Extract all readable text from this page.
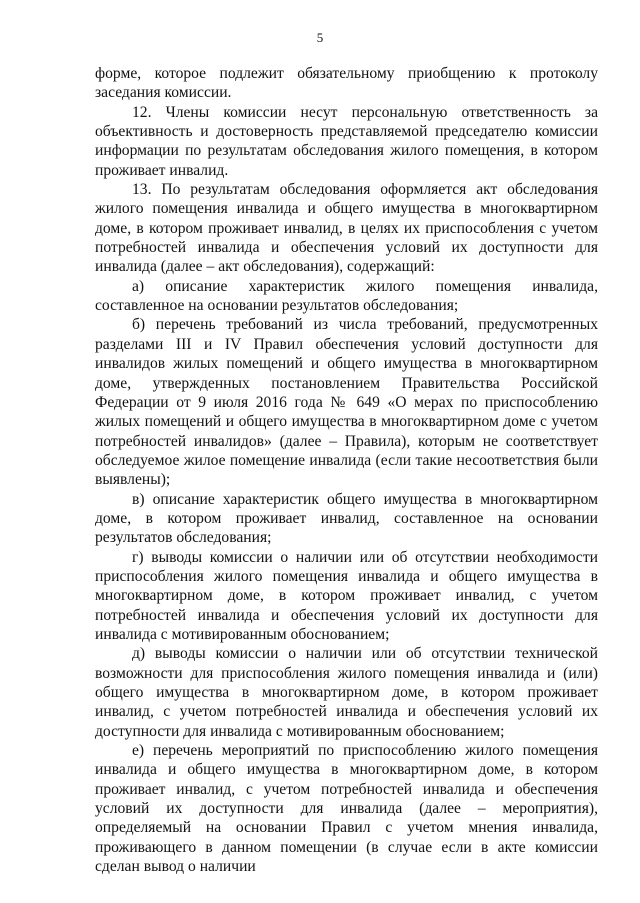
5

форме, которое подлежит обязательному приобщению к протоколу заседания комиссии.

12. Члены комиссии несут персональную ответственность за объективность и достоверность представляемой председателю комиссии информации по результатам обследования жилого помещения, в котором проживает инвалид.

13. По результатам обследования оформляется акт обследования жилого помещения инвалида и общего имущества в многоквартирном доме, в котором проживает инвалид, в целях их приспособления с учетом потребностей инвалида и обеспечения условий их доступности для инвалида (далее – акт обследования), содержащий:

а) описание характеристик жилого помещения инвалида, составленное на основании результатов обследования;

б) перечень требований из числа требований, предусмотренных разделами III и IV Правил обеспечения условий доступности для инвалидов жилых помещений и общего имущества в многоквартирном доме, утвержденных постановлением Правительства Российской Федерации от 9 июля 2016 года № 649 «О мерах по приспособлению жилых помещений и общего имущества в многоквартирном доме с учетом потребностей инвалидов» (далее – Правила), которым не соответствует обследуемое жилое помещение инвалида (если такие несоответствия были выявлены);

в) описание характеристик общего имущества в многоквартирном доме, в котором проживает инвалид, составленное на основании результатов обследования;

г) выводы комиссии о наличии или об отсутствии необходимости приспособления жилого помещения инвалида и общего имущества в многоквартирном доме, в котором проживает инвалид, с учетом потребностей инвалида и обеспечения условий их доступности для инвалида с мотивированным обоснованием;

д) выводы комиссии о наличии или об отсутствии технической возможности для приспособления жилого помещения инвалида и (или) общего имущества в многоквартирном доме, в котором проживает инвалид, с учетом потребностей инвалида и обеспечения условий их доступности для инвалида с мотивированным обоснованием;

е) перечень мероприятий по приспособлению жилого помещения инвалида и общего имущества в многоквартирном доме, в котором проживает инвалид, с учетом потребностей инвалида и обеспечения условий их доступности для инвалида (далее – мероприятия), определяемый на основании Правил с учетом мнения инвалида, проживающего в данном помещении (в случае если в акте комиссии сделан вывод о наличии
